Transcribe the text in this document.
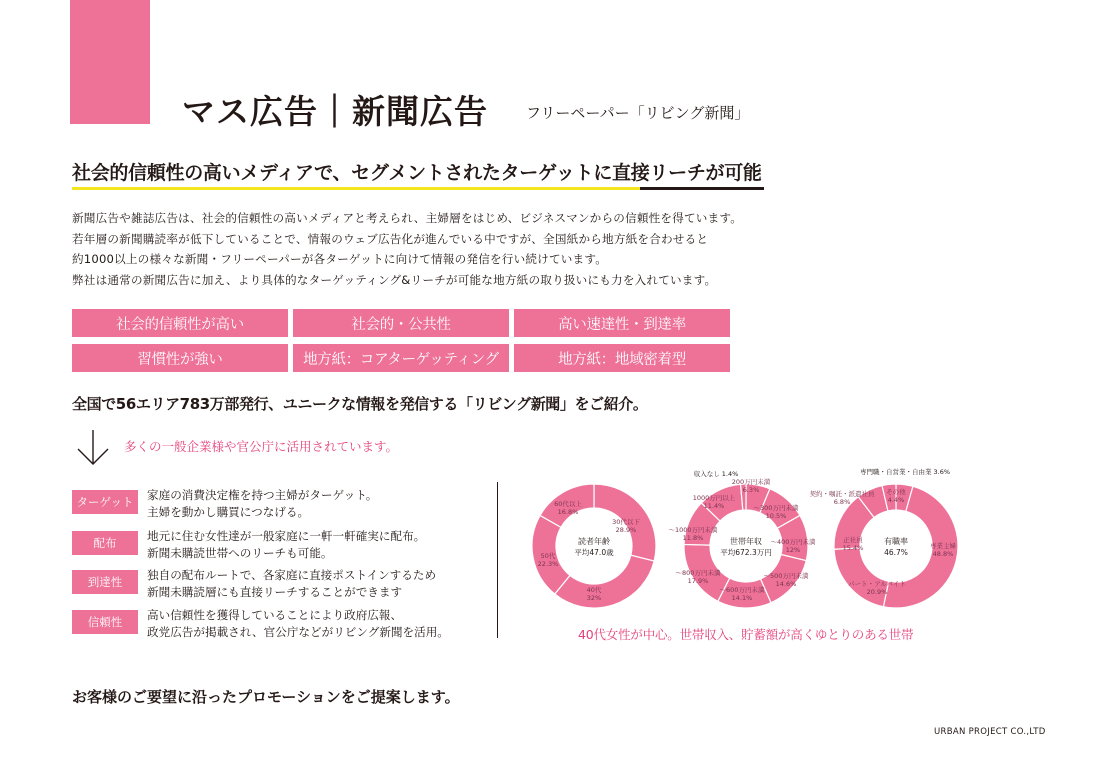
マス広告｜新聞広告	フリーペーパー「リビング新聞」
社会的信頼性の高いメディアで、セグメントされたターゲットに直接リーチが可能
新聞広告や雑誌広告は、社会的信頼性の高いメディアと考えられ、主婦層をはじめ、ビジネスマンからの信頼性を得ています。
若年層の新聞購読率が低下していることで、情報のウェブ広告化が進んでいる中ですが、全国紙から地方紙を合わせると
約1000以上の様々な新聞・フリーペーパーが各ターゲットに向けて情報の発信を行い続けています。
弊社は通常の新聞広告に加え、より具体的なターゲッティング&リーチが可能な地方紙の取り扱いにも力を入れています。
社会的信頼性が高い	社会的・公共性	高い速達性・到達率
習慣性が強い	地方紙：コアターゲッティング	地方紙：地域密着型
全国で56エリア783万部発行、ユニークな情報を発信する「リビング新聞」をご紹介。
多くの一般企業様や官公庁に活用されています。
ターゲット	家庭の消費決定権を持つ主婦がターゲット。
主婦を動かし購買につなげる。
配布	地元に住む女性達が一般家庭に一軒一軒確実に配布。
新聞未購読世帯へのリーチも可能。
到達性	独自の配布ルートで、各家庭に直接ポストインするため
新聞未購読層にも直接リーチすることができます
信頼性	高い信頼性を獲得していることにより政府広報、
政党広告が掲載され、官公庁などがリビング新聞を活用。
読者年齢
平均47.0歳
30代以下
28.9%
40代
32%
50代
22.3%
60代以上
16.8%
世帯年収
平均672.3万円
200万円未満
6.3%
～300万円未満
10.5%
～400万円未満
12%
～500万円未満
14.6%
～600万円未満
14.1%
～800万円未満
17.9%
～1000万円未満
11.8%
1000万円以上
11.4%
収入なし 1.4%
有職率
46.7%
その他
4.4%
専業主婦
48.8%
パート・アルバイト
20.9%
正社員
15.4%
契約・嘱託・派遣社員
6.8%
専門職・自営業・自由業 3.6%
40代女性が中心。世帯収入、貯蓄額が高くゆとりのある世帯
お客様のご要望に沿ったプロモーションをご提案します。
URBAN PROJECT CO.,LTD
